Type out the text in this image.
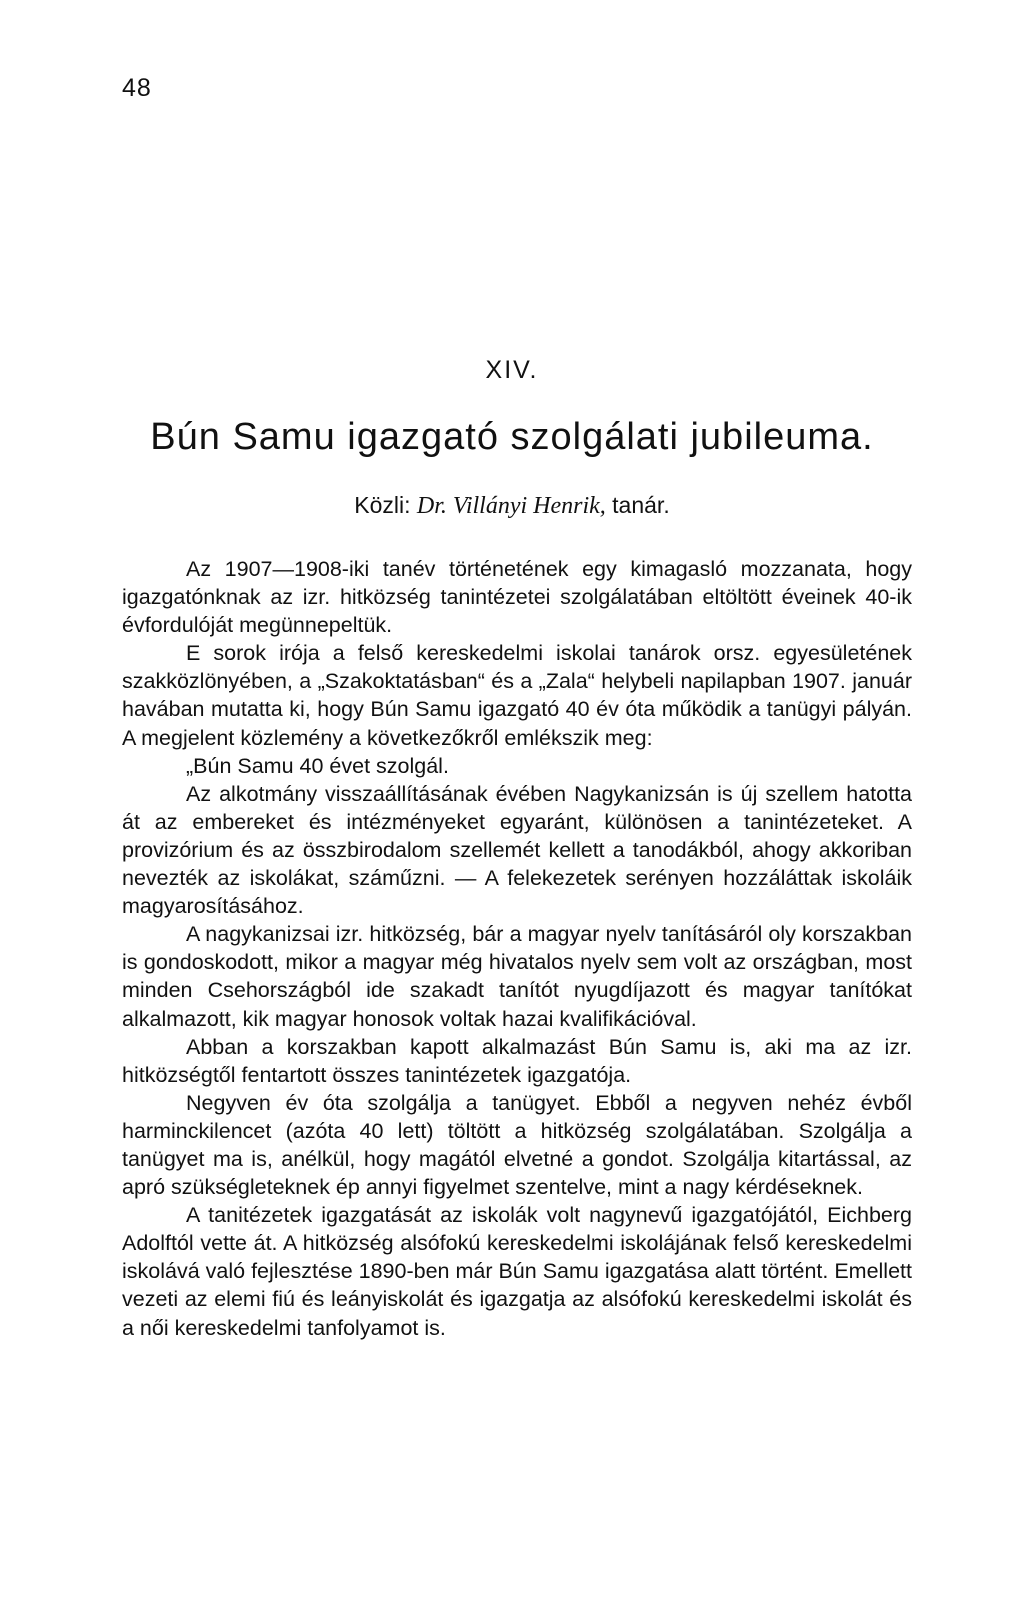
48
XIV.
Bún Samu igazgató szolgálati jubileuma.
Közli: Dr. Villányi Henrik, tanár.

Az 1907—1908-iki tanév történetének egy kimagasló mozzanata, hogy igazgatónknak az izr. hitközség tanintézetei szolgálatában eltöltött éveinek 40-ik évfordulóját megünnepeltük.

E sorok irója a felső kereskedelmi iskolai tanárok orsz. egyesületének szakközlönyében, a „Szakoktatásban“ és a „Zala“ helybeli napilapban 1907. január havában mutatta ki, hogy Bún Samu igazgató 40 év óta működik a tanügyi pályán. A megjelent közlemény a következőkről emlékszik meg:

„Bún Samu 40 évet szolgál.

Az alkotmány visszaállításának évében Nagykanizsán is új szellem hatotta át az embereket és intézményeket egyaránt, különösen a tanintézeteket. A provizórium és az összbirodalom szellemét kellett a tanodákból, ahogy akkoriban nevezték az iskolákat, száműzni. — A felekezetek serényen hozzáláttak iskoláik magyarosításához.

A nagykanizsai izr. hitközség, bár a magyar nyelv tanításáról oly korszakban is gondoskodott, mikor a magyar még hivatalos nyelv sem volt az országban, most minden Csehországból ide szakadt tanítót nyugdíjazott és magyar tanítókat alkalmazott, kik magyar honosok voltak hazai kvalifikációval.

Abban a korszakban kapott alkalmazást Bún Samu is, aki ma az izr. hitközségtől fentartott összes tanintézetek igazgatója.

Negyven év óta szolgálja a tanügyet. Ebből a negyven nehéz évből harminckilencet (azóta 40 lett) töltött a hitközség szolgálatában. Szolgálja a tanügyet ma is, anélkül, hogy magától elvetné a gondot. Szolgálja kitartással, az apró szükségleteknek ép annyi figyelmet szentelve, mint a nagy kérdéseknek.

A tanitézetek igazgatását az iskolák volt nagynevű igazgatójától, Eichberg Adolftól vette át. A hitközség alsófokú kereskedelmi iskolájának felső kereskedelmi iskolává való fejlesztése 1890-ben már Bún Samu igazgatása alatt történt. Emellett vezeti az elemi fiú és leányiskolát és igazgatja az alsófokú kereskedelmi iskolát és a női kereskedelmi tanfolyamot is.
